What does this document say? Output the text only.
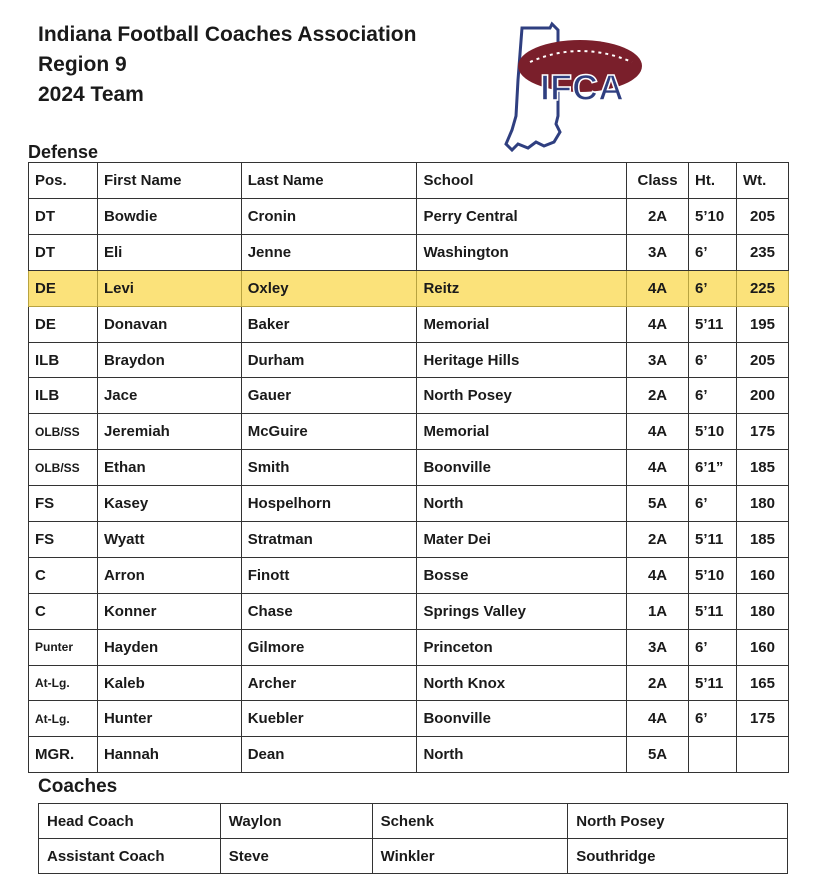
Indiana Football Coaches Association
Region 9
2024 Team	IFCA
Defense
Pos.	First Name	Last Name	School	Class	Ht.	Wt.
DT	Bowdie	Cronin	Perry Central	2A	5’10	205
DT	Eli	Jenne	Washington	3A	6’	235
DE	Levi	Oxley	Reitz	4A	6’	225
DE	Donavan	Baker	Memorial	4A	5’11	195
ILB	Braydon	Durham	Heritage Hills	3A	6’	205
ILB	Jace	Gauer	North Posey	2A	6’	200
OLB/SS	Jeremiah	McGuire	Memorial	4A	5’10	175
OLB/SS	Ethan	Smith	Boonville	4A	6’1”	185
FS	Kasey	Hospelhorn	North	5A	6’	180
FS	Wyatt	Stratman	Mater Dei	2A	5’11	185
C	Arron	Finott	Bosse	4A	5’10	160
C	Konner	Chase	Springs Valley	1A	5’11	180
Punter	Hayden	Gilmore	Princeton	3A	6’	160
At-Lg.	Kaleb	Archer	North Knox	2A	5’11	165
At-Lg.	Hunter	Kuebler	Boonville	4A	6’	175
MGR.	Hannah	Dean	North	5A		
Coaches
Head Coach	Waylon	Schenk	North Posey
Assistant Coach	Steve	Winkler	Southridge
